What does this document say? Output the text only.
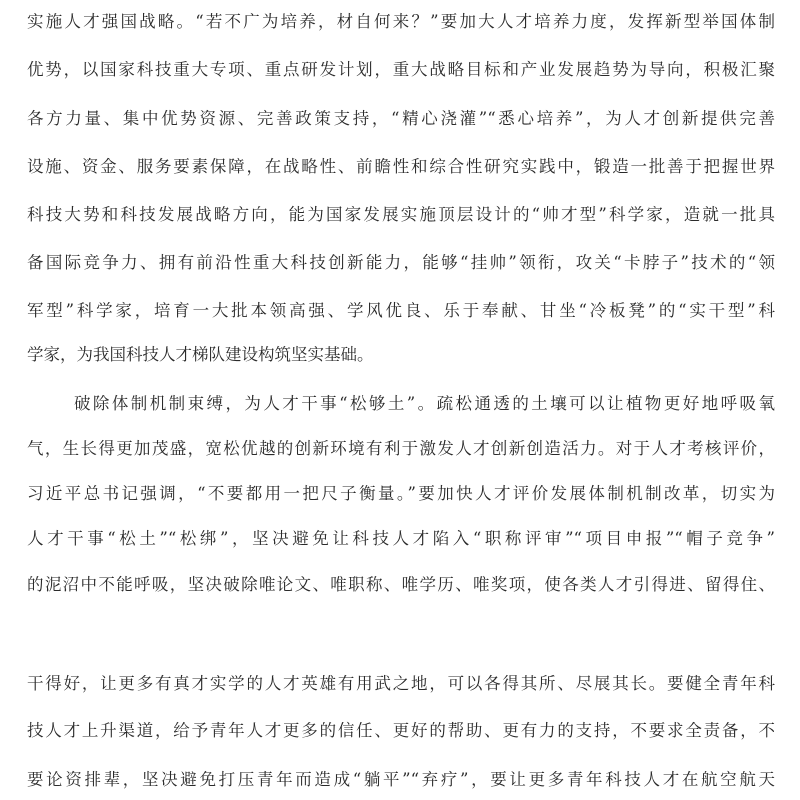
实施人才强国战略。“若不广为培养，材自何来？”要加大人才培养力度，发挥新型举国体制
优势，以国家科技重大专项、重点研发计划，重大战略目标和产业发展趋势为导向，积极汇聚
各方力量、集中优势资源、完善政策支持，“精心浇灌”“悉心培养”，为人才创新提供完善
设施、资金、服务要素保障，在战略性、前瞻性和综合性研究实践中，锻造一批善于把握世界
科技大势和科技发展战略方向，能为国家发展实施顶层设计的“帅才型”科学家，造就一批具
备国际竞争力、拥有前沿性重大科技创新能力，能够“挂帅”领衔，攻关“卡脖子”技术的“领
军型”科学家，培育一大批本领高强、学风优良、乐于奉献、甘坐“冷板凳”的“实干型”科
学家，为我国科技人才梯队建设构筑坚实基础。
破除体制机制束缚，为人才干事“松够土”。疏松通透的土壤可以让植物更好地呼吸氧
气，生长得更加茂盛，宽松优越的创新环境有利于激发人才创新创造活力。对于人才考核评价，
习近平总书记强调，“不要都用一把尺子衡量。”要加快人才评价发展体制机制改革，切实为
人才干事“松土”“松绑”，坚决避免让科技人才陷入“职称评审”“项目申报”“帽子竞争”
的泥沼中不能呼吸，坚决破除唯论文、唯职称、唯学历、唯奖项，使各类人才引得进、留得住、
干得好，让更多有真才实学的人才英雄有用武之地，可以各得其所、尽展其长。要健全青年科
技人才上升渠道，给予青年人才更多的信任、更好的帮助、更有力的支持，不要求全责备，不
要论资排辈，坚决避免打压青年而造成“躺平”“弃疗”，要让更多青年科技人才在航空航天
